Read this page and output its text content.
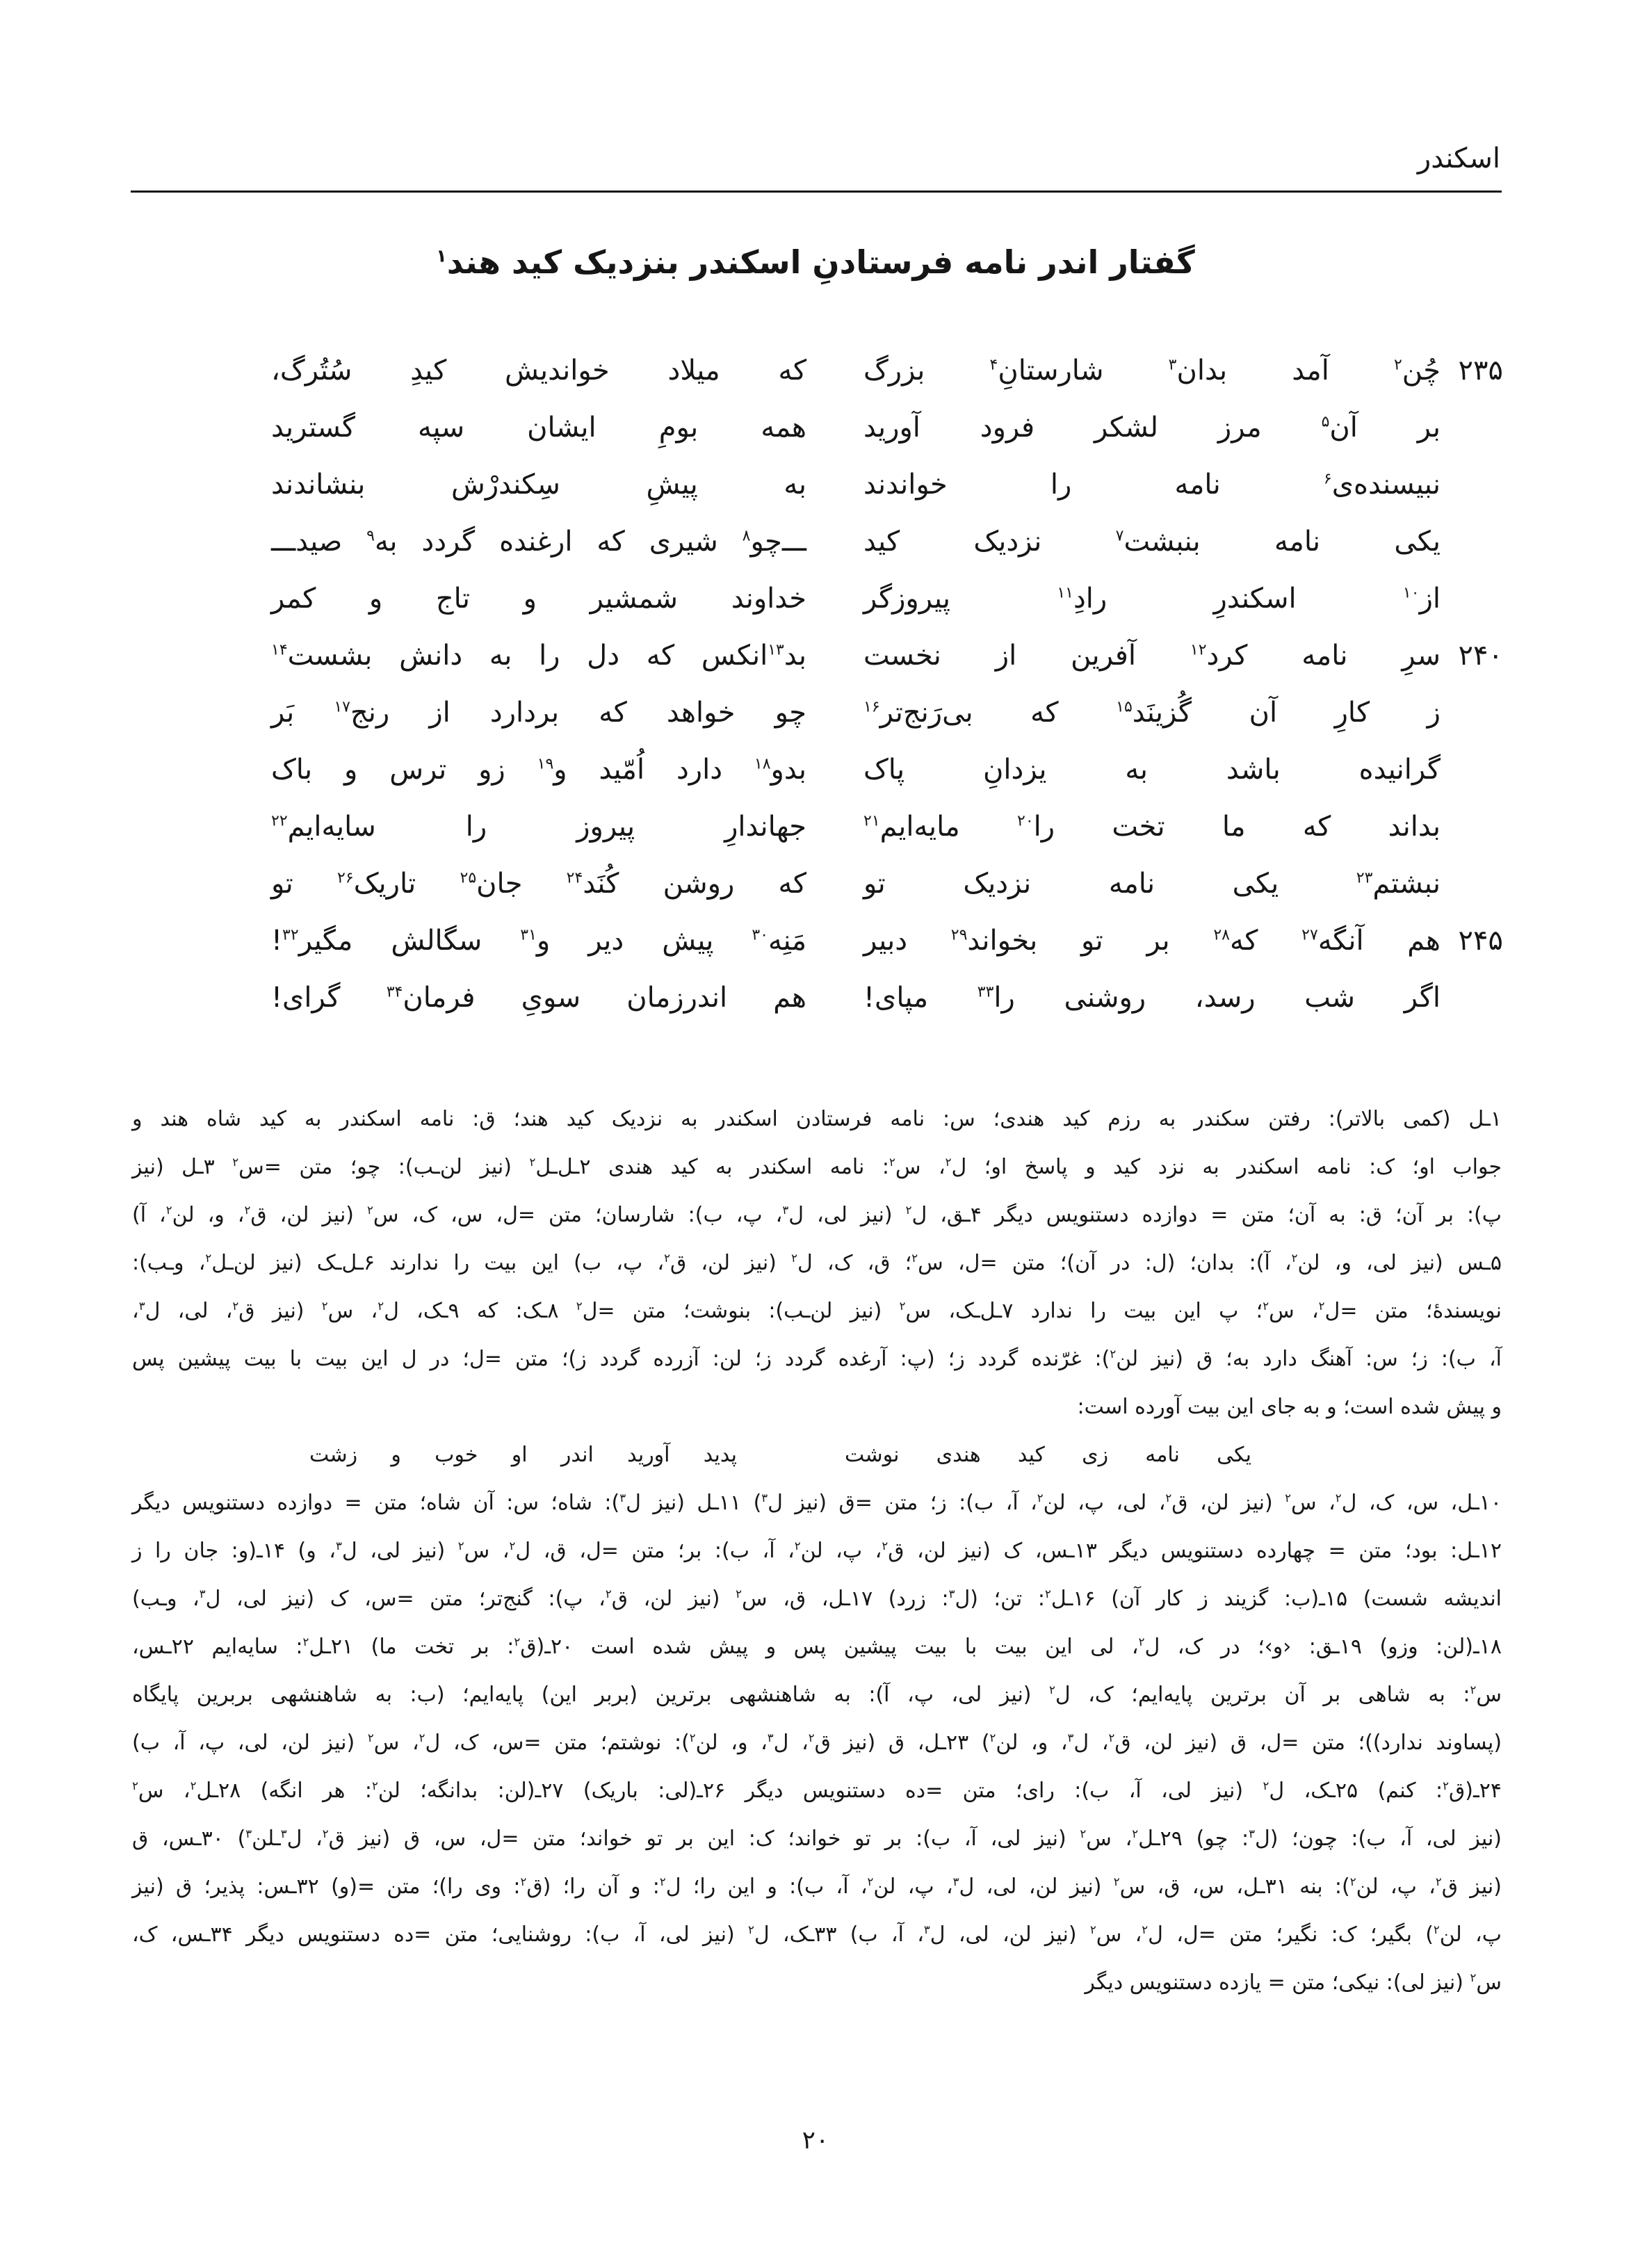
اسکندر
گفتار اندر نامه فرستادنِ اسکندر بنزدیک کید هند$^۱$
۲۳۵
چُن$^۲$ آمد بدان$^۳$ شارستانِ$^۴$ بزرگ
که میلاد خواندیش کیدِ سُتُرگ،
بر آن$^۵$ مرز لشکر فرود آورید
همه بومِ ایشان سپه گسترید
نبیسنده‌ی$^۶$ نامه را خواندند
به پیشِ سِکندرْش بنشاندند
یکی نامه بنبشت$^۷$ نزدیک کید
ـــ‌چو$^۸$ شیری که ارغنده گردد به$^۹$ صیدـــ
از$^{۱۰}$ اسکندرِ رادِ$^{۱۱}$ پیروزگر
خداوند شمشیر و تاج و کمر
۲۴۰
سرِ نامه کرد$^{۱۲}$ آفرین از نخست
بد$^{۱۳}$انکس که دل را به دانش بشست$^{۱۴}$
ز کارِ آن گُزینَد$^{۱۵}$ که بی‌رَنج‌تر$^{۱۶}$
چو خواهد که بردارد از رنج$^{۱۷}$ بَر
گرانیده باشد به یزدانِ پاک
بدو$^{۱۸}$ دارد اُمّید و$^{۱۹}$ زو ترس و باک
بداند که ما تخت را$^{۲۰}$ مایه‌ایم$^{۲۱}$
جهاندارِ پیروز را سایه‌ایم$^{۲۲}$
نبشتم$^{۲۳}$ یکی نامه نزدیک تو
که روشن کُنَد$^{۲۴}$ جان$^{۲۵}$ تاریک$^{۲۶}$ تو
۲۴۵
هم آنگه$^{۲۷}$ که$^{۲۸}$ بر تو بخواند$^{۲۹}$ دبیر
مَنِه$^{۳۰}$ پیش دیر و$^{۳۱}$ سگالش مگیر$^{۳۲}$!
اگر شب رسد، روشنی را$^{۳۳}$ مپای!
هم اندرزمان سویِ فرمان$^{۳۴}$ گرای!
۱ـل (کمی بالاتر): رفتن سکندر به رزم کید هندی؛ س: نامه فرستادن اسکندر به نزدیک کید هند؛ ق: نامه اسکندر به کید شاه هند و
جواب او؛ ک: نامه اسکندر به نزد کید و پاسخ او؛ ل$^۲$، س$^۲$: نامه اسکندر به کید هندی ۲ـل‌ـل$^۲$ (نیز لن‌ـب): چو؛ متن =س$^۲$ ۳ـل (نیز
پ): بر آن؛ ق: به آن؛ متن = دوازده دستنویس دیگر ۴ـق، ل$^۲$ (نیز لی، ل$^۳$، پ، ب): شارسان؛ متن =ل، س، ک، س$^۲$ (نیز لن، ق$^۲$، و، لن$^۲$، آ)
۵ـس (نیز لی، و، لن$^۲$، آ): بدان؛ (ل: در آن)؛ متن =ل، س$^۲$؛ ق، ک، ل$^۲$ (نیز لن، ق$^۲$، پ، ب) این بیت را ندارند ۶ـل‌ـک (نیز لن‌ـل$^۲$، وـب):
نویسندهٔ؛ متن =ل$^۲$، س$^۲$؛ پ این بیت را ندارد ۷ـل‌ـک، س$^۲$ (نیز لن‌ـب): بنوشت؛ متن =ل$^۲$ ۸ـک: که ۹ـک، ل$^۲$، س$^۲$ (نیز ق$^۲$، لی، ل$^۳$،
آ، ب): ز؛ س: آهنگ دارد به؛ ق (نیز لن$^۲$): غرّنده گردد ز؛ (پ: آرغده گردد ز؛ لن: آزرده گردد ز)؛ متن =ل؛ در ل این بیت با بیت پیشین پس
و پیش شده است؛ و به جای این بیت آورده است:
یکی نامه زی کید هندی نوشت
پدید آورید اندر او خوب و زشت
۱۰ـل، س، ک، ل$^۲$، س$^۲$ (نیز لن، ق$^۲$، لی، پ، لن$^۲$، آ، ب): ز؛ متن =ق (نیز ل$^۳$) ۱۱ـل (نیز ل$^۳$): شاه؛ س: آن شاه؛ متن = دوازده دستنویس دیگر
۱۲ـل: بود؛ متن = چهارده دستنویس دیگر ۱۳ـس، ک (نیز لن، ق$^۲$، پ، لن$^۲$، آ، ب): بر؛ متن =ل، ق، ل$^۲$، س$^۲$ (نیز لی، ل$^۳$، و) ۱۴ـ(و: جان را ز
اندیشه شست) ۱۵ـ(ب: گزیند ز کار آن) ۱۶ـل$^۲$: تن؛ (ل$^۳$: زرد) ۱۷ـل، ق، س$^۲$ (نیز لن، ق$^۲$، پ): گنج‌تر؛ متن =س، ک (نیز لی، ل$^۳$، وـب)
۱۸ـ(لن: وزو) ۱۹ـق: ‹و›؛ در ک، ل$^۲$، لی این بیت با بیت پیشین پس و پیش شده است ۲۰ـ(ق$^۲$: بر تخت ما) ۲۱ـل$^۲$: سایه‌ایم ۲۲ـس،
س$^۲$: به شاهی بر آن برترین پایه‌ایم؛ ک، ل$^۲$ (نیز لی، پ، آ): به شاهنشهی برترین (بربر این) پایه‌ایم؛ (ب: به شاهنشهی بربرین پایگاه
(پساوند ندارد))؛ متن =ل، ق (نیز لن، ق$^۲$، ل$^۳$، و، لن$^۲$) ۲۳ـل، ق (نیز ق$^۲$، ل$^۳$، و، لن$^۲$): نوشتم؛ متن =س، ک، ل$^۲$، س$^۲$ (نیز لن، لی، پ، آ، ب)
۲۴ـ(ق$^۲$: کنم) ۲۵ـک، ل$^۲$ (نیز لی، آ، ب): رای؛ متن =ده دستنویس دیگر ۲۶ـ(لی: باریک) ۲۷ـ(لن: بدانگه؛ لن$^۲$: هر انگه) ۲۸ـل$^۲$، س$^۲$
(نیز لی، آ، ب): چون؛ (ل$^۳$: چو) ۲۹ـل$^۲$، س$^۲$ (نیز لی، آ، ب): بر تو خواند؛ ک: این بر تو خواند؛ متن =ل، س، ق (نیز ق$^۲$، ل$^۳$ـلن$^۳$) ۳۰ـس، ق
(نیز ق$^۲$، پ، لن$^۲$): بنه ۳۱ـل، س، ق، س$^۲$ (نیز لن، لی، ل$^۳$، پ، لن$^۲$، آ، ب): و این را؛ ل$^۲$: و آن را؛ (ق$^۲$: وی را)؛ متن =(و) ۳۲ـس: پذیر؛ ق (نیز
پ، لن$^۲$) بگیر؛ ک: نگیر؛ متن =ل، ل$^۲$، س$^۲$ (نیز لن، لی، ل$^۳$، آ، ب) ۳۳ـک، ل$^۲$ (نیز لی، آ، ب): روشنایی؛ متن =ده دستنویس دیگر ۳۴ـس، ک،
س$^۲$ (نیز لی): نیکی؛ متن = یازده دستنویس دیگر
۲۰
